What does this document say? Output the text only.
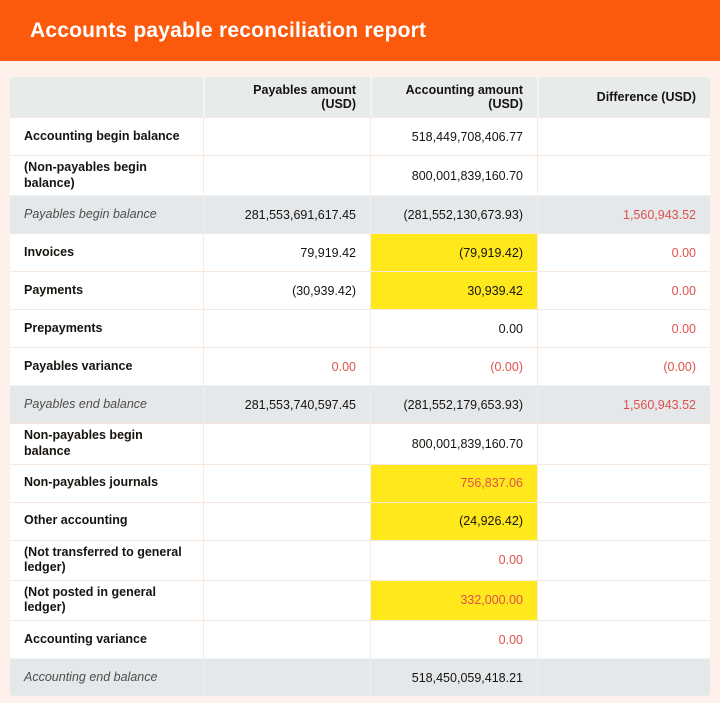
Accounts payable reconciliation report
	Payables amount (USD)	Accounting amount (USD)	Difference (USD)
Accounting begin balance		518,449,708,406.77	
(Non-payables begin balance)		800,001,839,160.70	
Payables begin balance	281,553,691,617.45	(281,552,130,673.93)	1,560,943.52
Invoices	79,919.42	(79,919.42)	0.00
Payments	(30,939.42)	30,939.42	0.00
Prepayments		0.00	0.00
Payables variance	0.00	(0.00)	(0.00)
Payables end balance	281,553,740,597.45	(281,552,179,653.93)	1,560,943.52
Non-payables begin balance		800,001,839,160.70	
Non-payables journals		756,837.06	
Other accounting		(24,926.42)	
(Not transferred to general ledger)		0.00	
(Not posted in general ledger)		332,000.00	
Accounting variance		0.00	
Accounting end balance		518,450,059,418.21	
